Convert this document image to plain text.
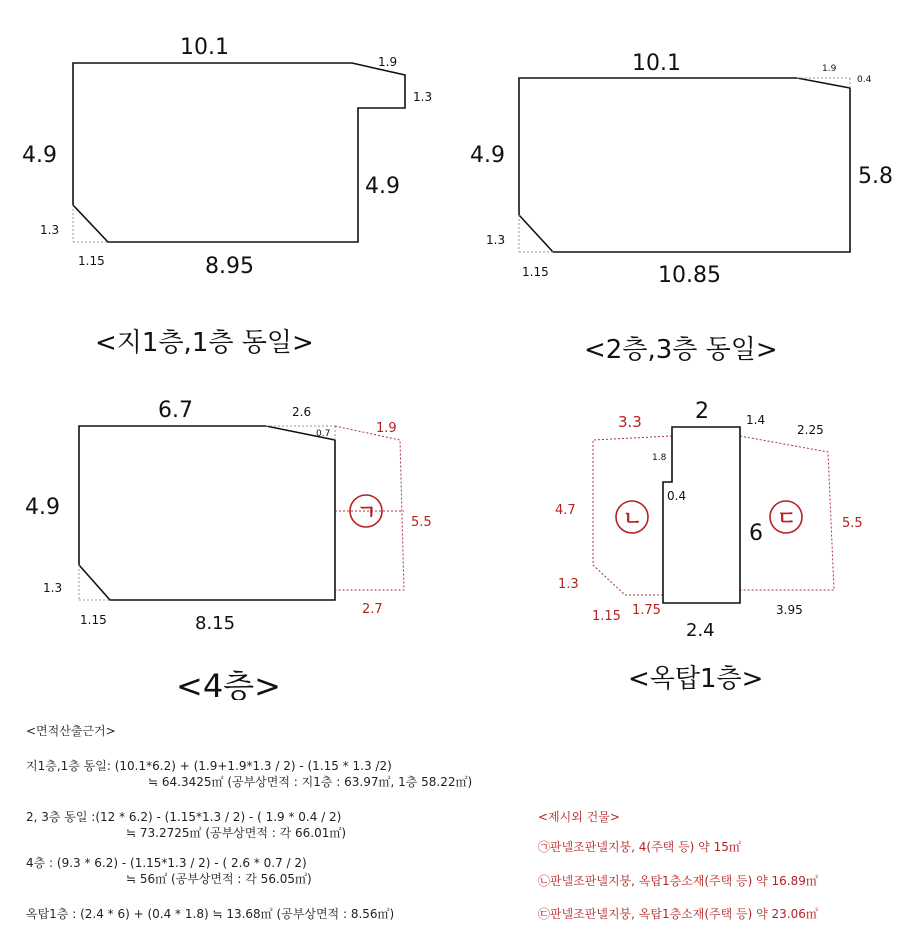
10.1
1.9
1.3
4.9
4.9
1.3
1.15	8.95
<지1층,1층 동일>
10.1	1.9
0.4
4.9
5.8
1.3
1.15	10.85
<2층,3층 동일>
ㄱ
6.7	2.6
0.7
4.9
1.3
1.15	8.15
1.9
5.5
2.7
<4층>
ㄴ	ㄷ
2
1.8
0.4
6
2.4
3.3
4.7
1.3
1.15 1.75
1.4
2.25
5.5
3.95
<옥탑1층>
<면적산출근거>
지1층,1층 동일: (10.1*6.2) + (1.9+1.9*1.3 / 2) - (1.15 * 1.3 /2)
≒ 64.3425㎡ (공부상면적 : 지1층 : 63.97㎡, 1층 58.22㎡)
2, 3층 동일 :(12 * 6.2) - (1.15*1.3 / 2) - ( 1.9 * 0.4 / 2)
≒ 73.2725㎡ (공부상면적 : 각 66.01㎡)
4층 : (9.3 * 6.2) - (1.15*1.3 / 2) - ( 2.6 * 0.7 / 2)
≒ 56㎡ (공부상면적 : 각 56.05㎡)
옥탑1층 : (2.4 * 6) + (0.4 * 1.8) ≒ 13.68㎡ (공부상면적 : 8.56㎡)
<제시외 건물>
㉠판넬조판넬지붕, 4(주택 등) 약 15㎡
㉡판넬조판넬지붕, 옥탑1층소재(주택 등) 약 16.89㎡
㉢판넬조판넬지붕, 옥탑1층소재(주택 등) 약 23.06㎡
